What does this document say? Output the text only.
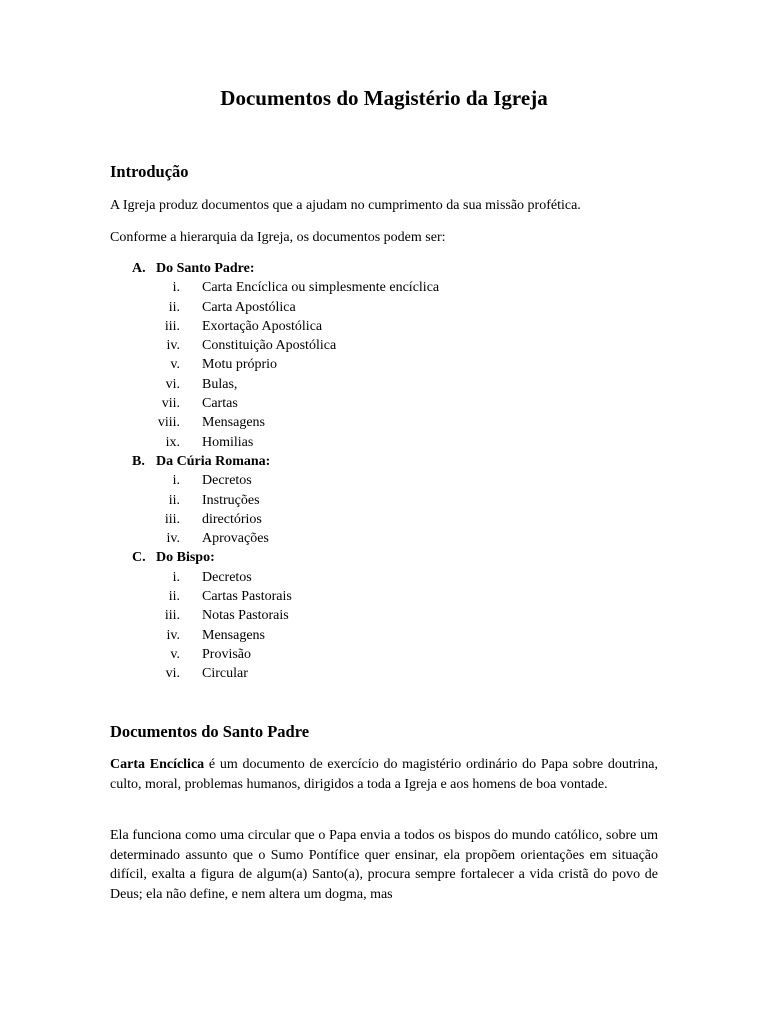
Documentos do Magistério da Igreja
Introdução

A Igreja produz documentos que a ajudam no cumprimento da sua missão profética.

Conforme a hierarquia da Igreja, os documentos podem ser:

A. Do Santo Padre:
i. Carta Encíclica ou simplesmente encíclica
ii. Carta Apostólica
iii. Exortação Apostólica
iv. Constituição Apostólica
v. Motu próprio
vi. Bulas,
vii. Cartas
viii. Mensagens
ix. Homilias
B. Da Cúria Romana:
i. Decretos
ii. Instruções
iii. directórios
iv. Aprovações
C. Do Bispo:
i. Decretos
ii. Cartas Pastorais
iii. Notas Pastorais
iv. Mensagens
v. Provisão
vi. Circular
Documentos do Santo Padre

Carta Encíclica é um documento de exercício do magistério ordinário do Papa sobre doutrina, culto, moral, problemas humanos, dirigidos a toda a Igreja e aos homens de boa vontade.

Ela funciona como uma circular que o Papa envia a todos os bispos do mundo católico, sobre um determinado assunto que o Sumo Pontífice quer ensinar, ela propõem orientações em situação difícil, exalta a figura de algum(a) Santo(a), procura sempre fortalecer a vida cristã do povo de Deus; ela não define, e nem altera um dogma, mas
